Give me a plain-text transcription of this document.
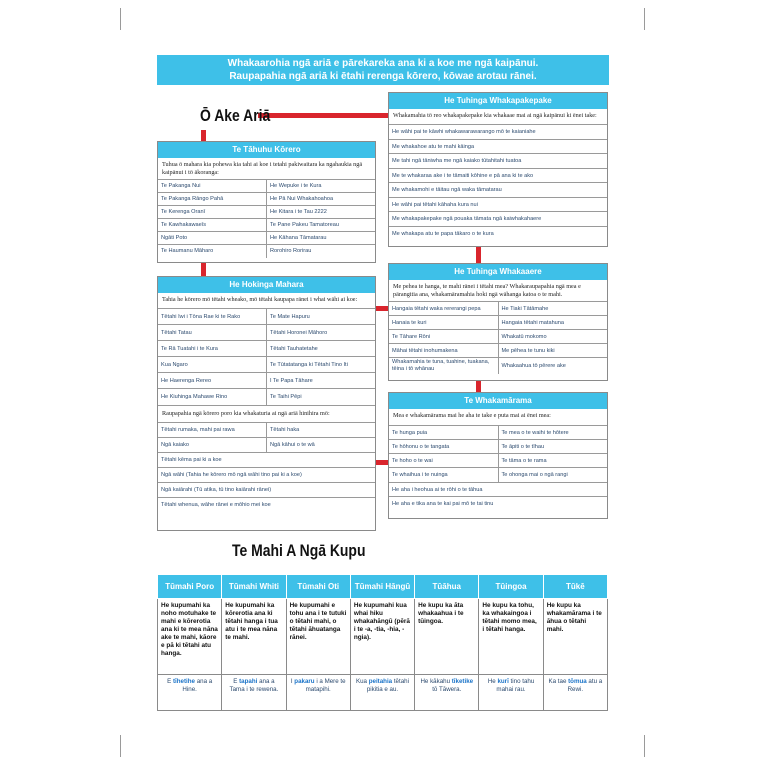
Whakaarohia ngā ariā e pārekareka ana ki a koe me ngā kaipānui.
Raupapahia ngā ariā ki ētahi rerenga kōrero, kōwae arotau rānei.
Ō Ake Ariā
Te Tāhuhu Kōrero
Tuhua ō mahara kia pohewa kia tahi ai koe i tetahi pakiwaitara ka ngahaukia ngā kaipānui i tō ākoranga:
Te Pakanga Nui	He Wepuke i te Kura
Te Pakanga Rāngo Pahā	He Pā Nui Whakahoahoa
Te Kerenga Oranī	He Kitara i te Tau 2222
Te Kawhakawaeīs	Te Pane Pakeu Tamatoreau
Ngāti Poto	He Kāhana Tāmatarau
Te Haumanu Māharo	Rorohiro Rorirau
He Hokinga Mahara
Tahia he kōrero mō tētahi wheako, mō tētahi kaupapa rānei i whai wāhi ai koe:
Tētahi Iwi i Tōna Rae ki te Rako	Te Mate Hapuru
Tētahi Tatau	Tētahi Horonei Māhoro
Te Rā Tuatahi i te Kura	Tētahi Tauhatetahe
Kua Ngaro	Te Tūtatatanga ki Tētahi Tino Iti
He Haerenga Rereo	I Te Papa Tāhare
He Kiuhinga Mahawe Rino	Te Taihi Pēpi
Raupapahia ngā kōrero poro kia whakaturia ai ngā ariā hinihira mō:
Tētahi rumaka, mahi pai rawa	Tētahi haka
Ngā kaiako	Ngā kāhui o te wā
Tētahi kēma pai ki a koe
Ngā wāhi (Tahia he kōrero mō ngā wāhi tino pai ki a koe)
Ngā kaiārahi (Tū atika, tū tino kaiārahi rānei)
Tētahi whenua, wāhe rānei e mōhio mei koe
He Tuhinga Whakapakepake
Whakamahia tō reo whakapakepake kia whakaae mai ai ngā kaipānui ki ēnei take:
He wāhi pai te kāwhi whakawarawarango mō te kaianiahe
Me whakahoe atu te mahi kāinga
Me tahi ngā tāniwha me ngā kaiako tūtahitahi tuatoa
Me te whakaraa ake i te tāmaiti kōhine e pā ana ki te ako
Me whakamohi e tāitau ngā waka tāmatarau
He wāhi pai tētahi kāhaha kura nui
Me whakapakepake ngā pouaka tāmata ngā kaiwhakahaere
Me whakapa atu te papa tākaro o te kura
He Tuhinga Whakaaere
Me pehea te hanga, te mahi rānei i tētahi mea? Whakaraupapahia ngā mea e pārangitia ana, whakamāramahia hoki ngā wāhanga katoa o te mahi.
Hangaia tētahi waka rererangi pepa	He Tiaki Tātāmahe
Hanaia te kuri	Hangaia tētahi matahuna
Te Tāhare Rōni	Whakatū mokomo
Māhai tētahi inohumakena	Me pēhea te tunu kiki
Whakamahia te tuna, tuahine, tuakana, tēina i tō whānau	Whakaahua tō pērere ake
Te Whakamārama
Mea e whakamārama mai he aha te take e puta mai ai ēnei mea:
Te hunga puia	Te mea o te waihi te hōtere
Te hōhonu o te tangata	Te āpiti o te tīhau
Te hoho o te wai	Te tāma o te rama
Te whaihua i te nuinga	Te ohonga mai o ngā rangi
He aha i heohua ai te rōhi o te tāhua
He aha e tika ana te kai pai mō te tai tinu
Te Mahi A Ngā Kupu
Tūmahi Poro	Tūmahi Whiti	Tūmahi Oti	Tūmahi Hāngū	Tūāhua	Tūingoa	Tūkē
He kupumahi ka noho motuhake te mahi e kōrerotia ana ki te mea nāna ake te mahi, kāore e pā ki tētahi atu hanga.	He kupumahi ka kōrerotia ana ki tētahi hanga i tua atu i te mea nāna te mahi.	He kupumahi e tohu ana i te tutuki o tētahi mahi, o tētahi āhuatanga rānei.	He kupumahi kua whai hiku whakahāngū (pērā i te -a, -tia, -hia, -ngia).	He kupu ka āta whakaahua i te tūingoa.	He kupu ka tohu, ka whakaingoa i tētahi momo mea, i tētahi hanga.	He kupu ka whakamārama i te āhua o tētahi mahi.
E tīhetihe ana a Hine.	E tapahi ana a Tama i te rewena.	I pakaru i a Mere te matapihi.	Kua peitahia tētahi pikitia e au.	He kākahu tīketike tō Tāwera.	He kurī tino tahu mahai rau.	Ka tae tōmua atu a Rewi.
